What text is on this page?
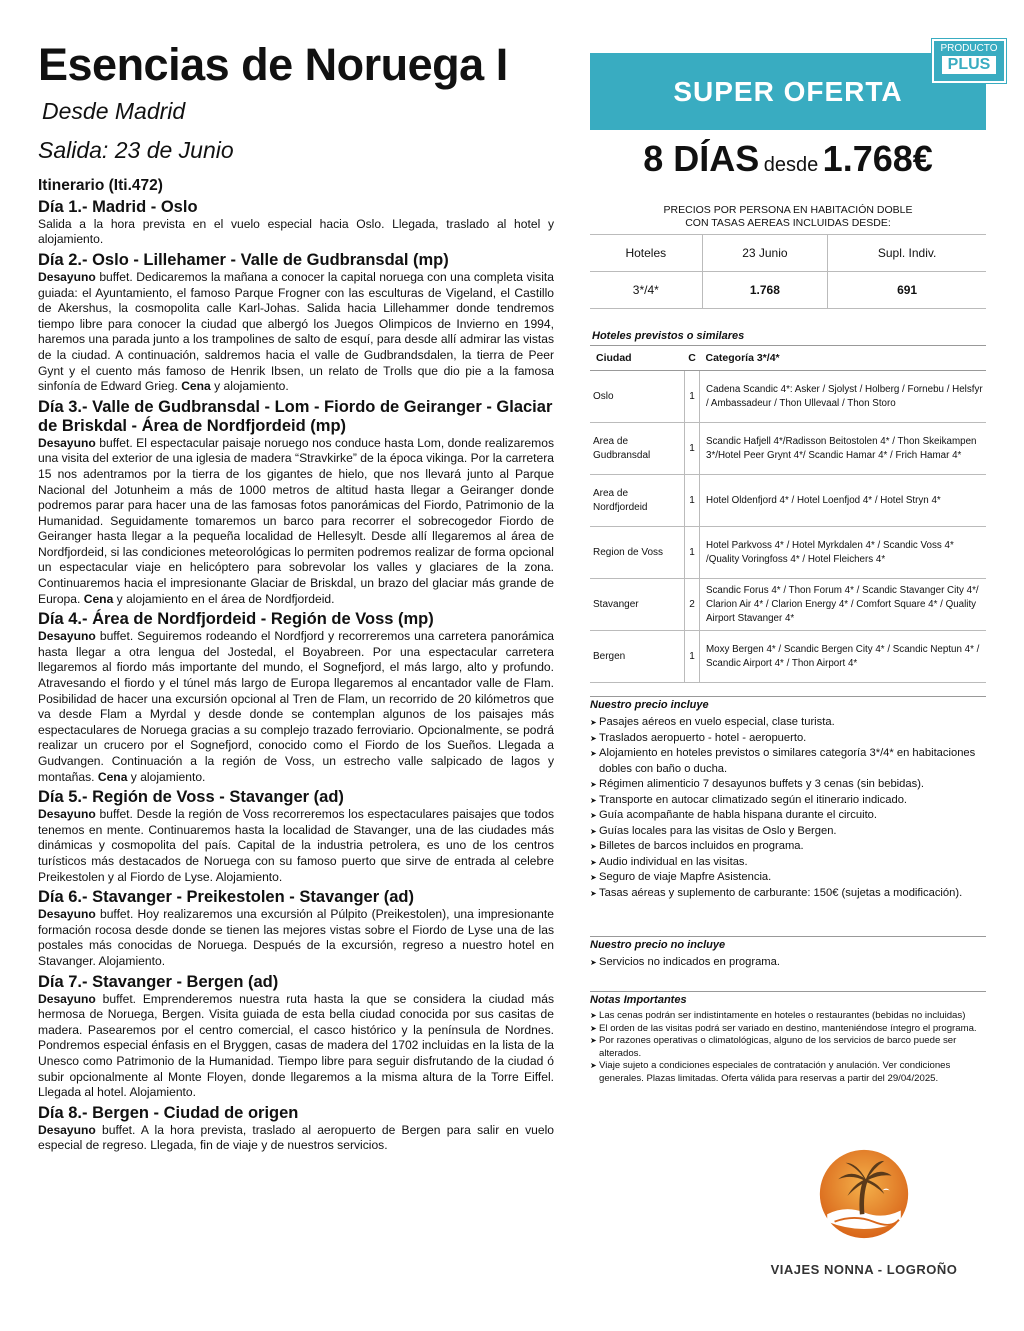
Esencias de Noruega I
Desde Madrid
Salida: 23 de Junio
Itinerario (Iti.472)
Día 1.- Madrid - Oslo
Salida a la hora prevista en el vuelo especial hacia Oslo. Llegada, traslado al hotel y alojamiento.
Día 2.- Oslo - Lillehamer - Valle de Gudbransdal (mp)
Desayuno buffet. Dedicaremos la mañana a conocer la capital noruega con una completa visita guiada: el Ayuntamiento, el famoso Parque Frogner con las esculturas de Vigeland, el Castillo de Akershus, la cosmopolita calle Karl-Johas. Salida hacia Lillehammer donde tendremos tiempo libre para conocer la ciudad que albergó los Juegos Olimpicos de Invierno en 1994, haremos una parada junto a los trampolines de salto de esquí, para desde allí admirar las vistas de la ciudad. A continuación, saldremos hacia el valle de Gudbrandsdalen, la tierra de Peer Gynt y el cuento más famoso de Henrik Ibsen, un relato de Trolls que dio pie a la famosa sinfonía de Edward Grieg. Cena y alojamiento.
Día 3.- Valle de Gudbransdal - Lom - Fiordo de Geiranger - Glaciar de Briskdal - Área de Nordfjordeid (mp)
Desayuno buffet. El espectacular paisaje noruego nos conduce hasta Lom, donde realizaremos una visita del exterior de una iglesia de madera “Stravkirke” de la época vikinga. Por la carretera 15 nos adentramos por la tierra de los gigantes de hielo, que nos llevará junto al Parque Nacional del Jotunheim a más de 1000 metros de altitud hasta llegar a Geiranger donde podremos parar para hacer una de las famosas fotos panorámicas del Fiordo, Patrimonio de la Humanidad. Seguidamente tomaremos un barco para recorrer el sobrecogedor Fiordo de Geiranger hasta llegar a la pequeña localidad de Hellesylt. Desde allí llegaremos al área de Nordfjordeid, si las condiciones meteorológicas lo permiten podremos realizar de forma opcional un espectacular viaje en helicóptero para sobrevolar los valles y glaciares de la zona. Continuaremos hacia el impresionante Glaciar de Briskdal, un brazo del glaciar más grande de Europa. Cena y alojamiento en el área de Nordfjordeid.
Día 4.- Área de Nordfjordeid - Región de Voss (mp)
Desayuno buffet. Seguiremos rodeando el Nordfjord y recorreremos una carretera panorámica hasta llegar a otra lengua del Jostedal, el Boyabreen. Por una espectacular carretera llegaremos al fiordo más importante del mundo, el Sognefjord, el más largo, alto y profundo. Atravesando el fiordo y el túnel más largo de Europa llegaremos al encantador valle de Flam. Posibilidad de hacer una excursión opcional al Tren de Flam, un recorrido de 20 kilómetros que va desde Flam a Myrdal y desde donde se contemplan algunos de los paisajes más espectaculares de Noruega gracias a su complejo trazado ferroviario. Opcionalmente, se podrá realizar un crucero por el Sognefjord, conocido como el Fiordo de los Sueños. Llegada a Gudvangen. Continuación a la región de Voss, un estrecho valle salpicado de lagos y montañas. Cena y alojamiento.
Día 5.- Región de Voss - Stavanger (ad)
Desayuno buffet. Desde la región de Voss recorreremos los espectaculares paisajes que todos tenemos en mente. Continuaremos hasta la localidad de Stavanger, una de las ciudades más dinámicas y cosmopolita del país. Capital de la industria petrolera, es uno de los centros turísticos más destacados de Noruega con su famoso puerto que sirve de entrada al celebre Preikestolen y al Fiordo de Lyse. Alojamiento.
Día 6.- Stavanger - Preikestolen - Stavanger (ad)
Desayuno buffet. Hoy realizaremos una excursión al Púlpito (Preikestolen), una impresionante formación rocosa desde donde se tienen las mejores vistas sobre el Fiordo de Lyse una de las postales más conocidas de Noruega. Después de la excursión, regreso a nuestro hotel en Stavanger. Alojamiento.
Día 7.- Stavanger - Bergen (ad)
Desayuno buffet. Emprenderemos nuestra ruta hasta la que se considera la ciudad más hermosa de Noruega, Bergen. Visita guiada de esta bella ciudad conocida por sus casitas de madera. Pasearemos por el centro comercial, el casco histórico y la península de Nordnes. Pondremos especial énfasis en el Bryggen, casas de madera del 1702 incluidas en la lista de la Unesco como Patrimonio de la Humanidad. Tiempo libre para seguir disfrutando de la ciudad ó subir opcionalmente al Monte Floyen, donde llegaremos a la misma altura de la Torre Eiffel. Llegada al hotel. Alojamiento.
Día 8.- Bergen - Ciudad de origen
Desayuno buffet. A la hora prevista, traslado al aeropuerto de Bergen para salir en vuelo especial de regreso. Llegada, fin de viaje y de nuestros servicios.
SUPER OFERTA
PRODUCTO
PLUS
8 DÍAS desde 1.768€
PRECIOS POR PERSONA EN HABITACIÓN DOBLE
CON TASAS AEREAS INCLUIDAS DESDE:
Hoteles	23 Junio	Supl. Indiv.
3*/4*	1.768	691
Hoteles previstos o similares
Ciudad	C	Categoría 3*/4*
Oslo	1	Cadena Scandic 4*: Asker / Sjolyst / Holberg / Fornebu / Helsfyr / Ambassadeur / Thon Ullevaal / Thon Storo
Area de Gudbransdal	1	Scandic Hafjell 4*/Radisson Beitostolen 4* / Thon Skeikampen 3*/Hotel Peer Grynt 4*/ Scandic Hamar 4* / Frich Hamar 4*
Area de Nordfjordeid	1	Hotel Oldenfjord 4* / Hotel Loenfjod 4* / Hotel Stryn 4*
Region de Voss	1	Hotel Parkvoss 4* / Hotel Myrkdalen 4* / Scandic Voss 4* /Quality Voringfoss 4* / Hotel Fleichers 4*
Stavanger	2	Scandic Forus 4* / Thon Forum 4* / Scandic Stavanger City 4*/ Clarion Air 4* / Clarion Energy 4* / Comfort Square 4* / Quality Airport Stavanger 4*
Bergen	1	Moxy Bergen 4* / Scandic Bergen City 4* / Scandic Neptun 4* / Scandic Airport 4* / Thon Airport 4*
Nuestro precio incluye
➤ Pasajes aéreos en vuelo especial, clase turista.
➤ Traslados aeropuerto - hotel - aeropuerto.
➤ Alojamiento en hoteles previstos o similares categoría 3*/4* en habitaciones dobles con baño o ducha.
➤ Régimen alimenticio 7 desayunos buffets y 3 cenas (sin bebidas).
➤ Transporte en autocar climatizado según el itinerario indicado.
➤ Guía acompañante de habla hispana durante el circuito.
➤ Guías locales para las visitas de Oslo y Bergen.
➤ Billetes de barcos incluidos en programa.
➤ Audio individual en las visitas.
➤ Seguro de viaje Mapfre Asistencia.
➤ Tasas aéreas y suplemento de carburante: 150€ (sujetas a modificación).
Nuestro precio no incluye
➤ Servicios no indicados en programa.
Notas Importantes
➤ Las cenas podrán ser indistintamente en hoteles o restaurantes (bebidas no incluidas)
➤ El orden de las visitas podrá ser variado en destino, manteniéndose íntegro el programa.
➤ Por razones operativas o climatológicas, alguno de los servicios de barco puede ser alterados.
➤ Viaje sujeto a condiciones especiales de contratación y anulación. Ver condiciones generales. Plazas limitadas. Oferta válida para reservas a partir del 29/04/2025.
VIAJES NONNA - LOGROÑO
